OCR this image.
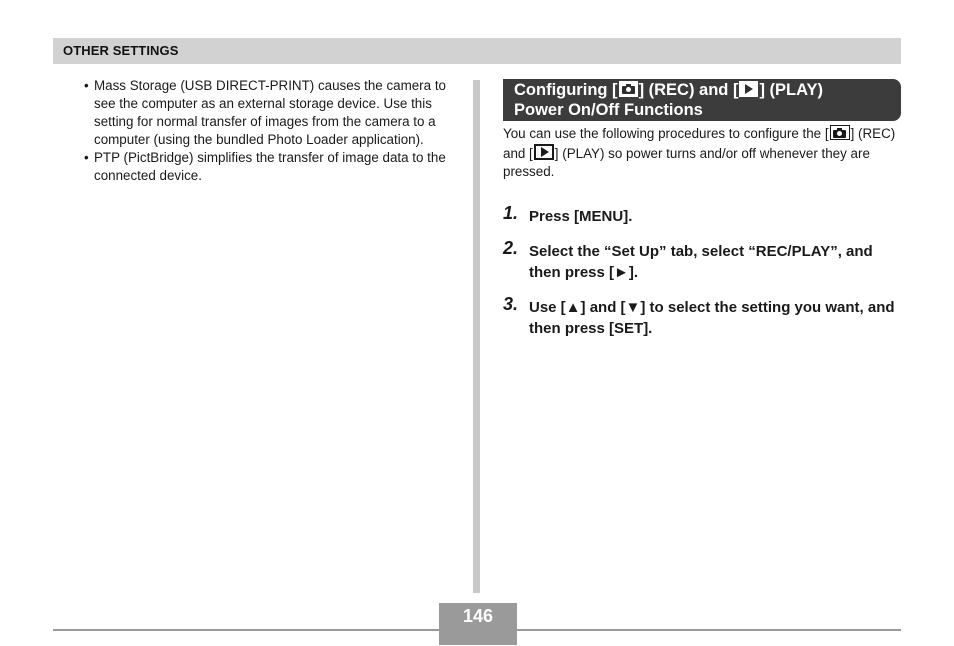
OTHER SETTINGS
• Mass Storage (USB DIRECT-PRINT) causes the camera to see the computer as an external storage device. Use this setting for normal transfer of images from the camera to a computer (using the bundled Photo Loader application).
• PTP (PictBridge) simplifies the transfer of image data to the connected device.
Configuring [ ] (REC) and [ ] (PLAY)
Power On/Off Functions
You can use the following procedures to configure the [ ] (REC) and [ ] (PLAY) so power turns and/or off whenever they are pressed.
1. Press [MENU].
2. Select the “Set Up” tab, select “REC/PLAY”, and then press [►].
3. Use [▲] and [▼] to select the setting you want, and then press [SET].
146
